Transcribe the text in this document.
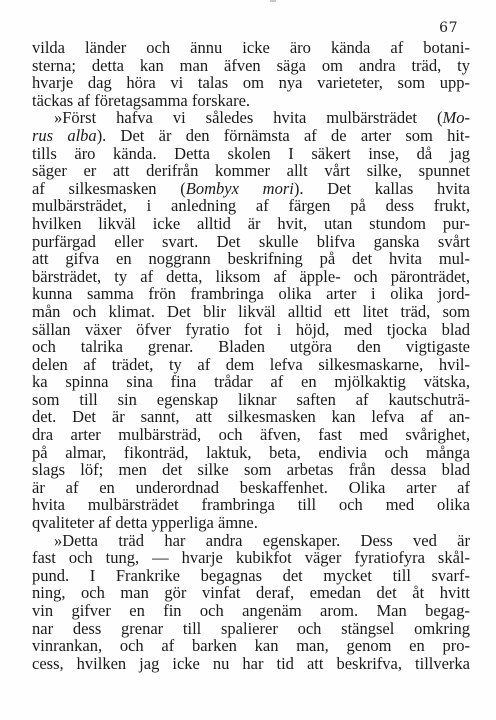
67
vilda länder och ännu icke äro kända af botani-
sterna; detta kan man äfven säga om andra träd, ty
hvarje dag höra vi talas om nya varieteter, som upp-
täckas af företagsamma forskare.
»Först hafva vi således hvita mulbärsträdet (Mo-
rus alba). Det är den förnämsta af de arter som hit-
tills äro kända. Detta skolen I säkert inse, då jag
säger er att derifrån kommer allt vårt silke, spunnet
af silkesmasken (Bombyx mori). Det kallas hvita
mulbärsträdet, i anledning af färgen på dess frukt,
hvilken likväl icke alltid är hvit, utan stundom pur-
purfärgad eller svart. Det skulle blifva ganska svårt
att gifva en noggrann beskrifning på det hvita mul-
bärsträdet, ty af detta, liksom af äpple- och päronträdet,
kunna samma frön frambringa olika arter i olika jord-
mån och klimat. Det blir likväl alltid ett litet träd, som
sällan växer öfver fyratio fot i höjd, med tjocka blad
och talrika grenar. Bladen utgöra den vigtigaste
delen af trädet, ty af dem lefva silkesmaskarne, hvil-
ka spinna sina fina trådar af en mjölkaktig vätska,
som till sin egenskap liknar saften af kautschuträ-
det. Det är sannt, att silkesmasken kan lefva af an-
dra arter mulbärsträd, och äfven, fast med svårighet,
på almar, fikonträd, laktuk, beta, endivia och många
slags löf; men det silke som arbetas från dessa blad
är af en underordnad beskaffenhet. Olika arter af
hvita mulbärsträdet frambringa till och med olika
qvaliteter af detta ypperliga ämne.
»Detta träd har andra egenskaper. Dess ved är
fast och tung, — hvarje kubikfot väger fyratiofyra skål-
pund. I Frankrike begagnas det mycket till svarf-
ning, och man gör vinfat deraf, emedan det åt hvitt
vin gifver en fin och angenäm arom. Man begag-
nar dess grenar till spalierer och stängsel omkring
vinrankan, och af barken kan man, genom en pro-
cess, hvilken jag icke nu har tid att beskrifva, tillverka
